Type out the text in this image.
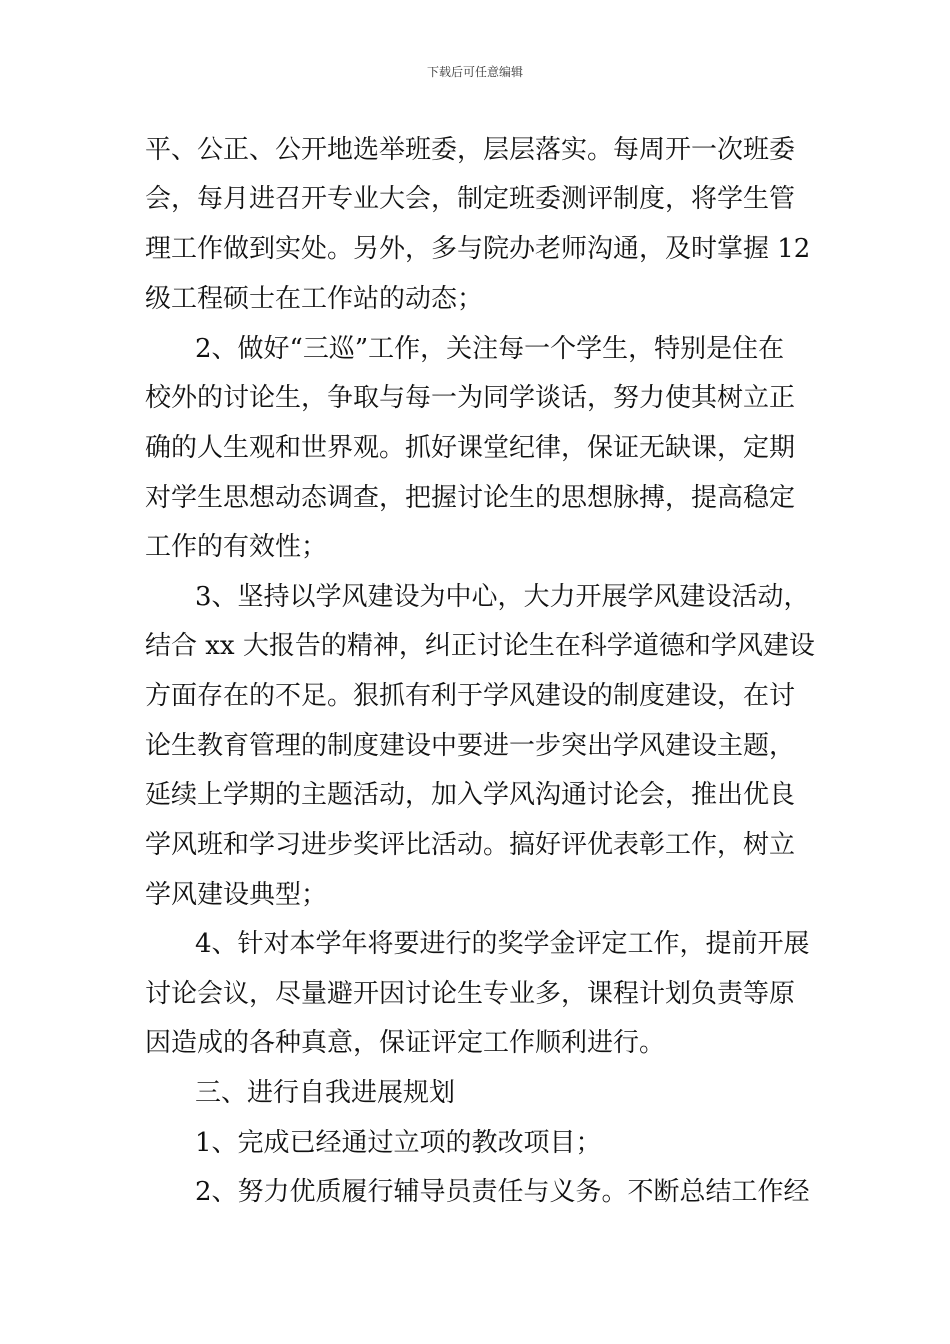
下载后可任意编辑
平、公正、公开地选举班委，层层落实。每周开一次班委
会，每月进召开专业大会，制定班委测评制度，将学生管
理工作做到实处。另外，多与院办老师沟通，及时掌握 12
级工程硕士在工作站的动态；
2、做好“三巡”工作，关注每一个学生，特别是住在
校外的讨论生，争取与每一为同学谈话，努力使其树立正
确的人生观和世界观。抓好课堂纪律，保证无缺课，定期
对学生思想动态调查，把握讨论生的思想脉搏，提高稳定
工作的有效性；
3、坚持以学风建设为中心，大力开展学风建设活动，
结合 xx 大报告的精神，纠正讨论生在科学道德和学风建设
方面存在的不足。狠抓有利于学风建设的制度建设，在讨
论生教育管理的制度建设中要进一步突出学风建设主题，
延续上学期的主题活动，加入学风沟通讨论会，推出优良
学风班和学习进步奖评比活动。搞好评优表彰工作，树立
学风建设典型；
4、针对本学年将要进行的奖学金评定工作，提前开展
讨论会议，尽量避开因讨论生专业多，课程计划负责等原
因造成的各种真意，保证评定工作顺利进行。
三、进行自我进展规划
1、完成已经通过立项的教改项目；
2、努力优质履行辅导员责任与义务。不断总结工作经
